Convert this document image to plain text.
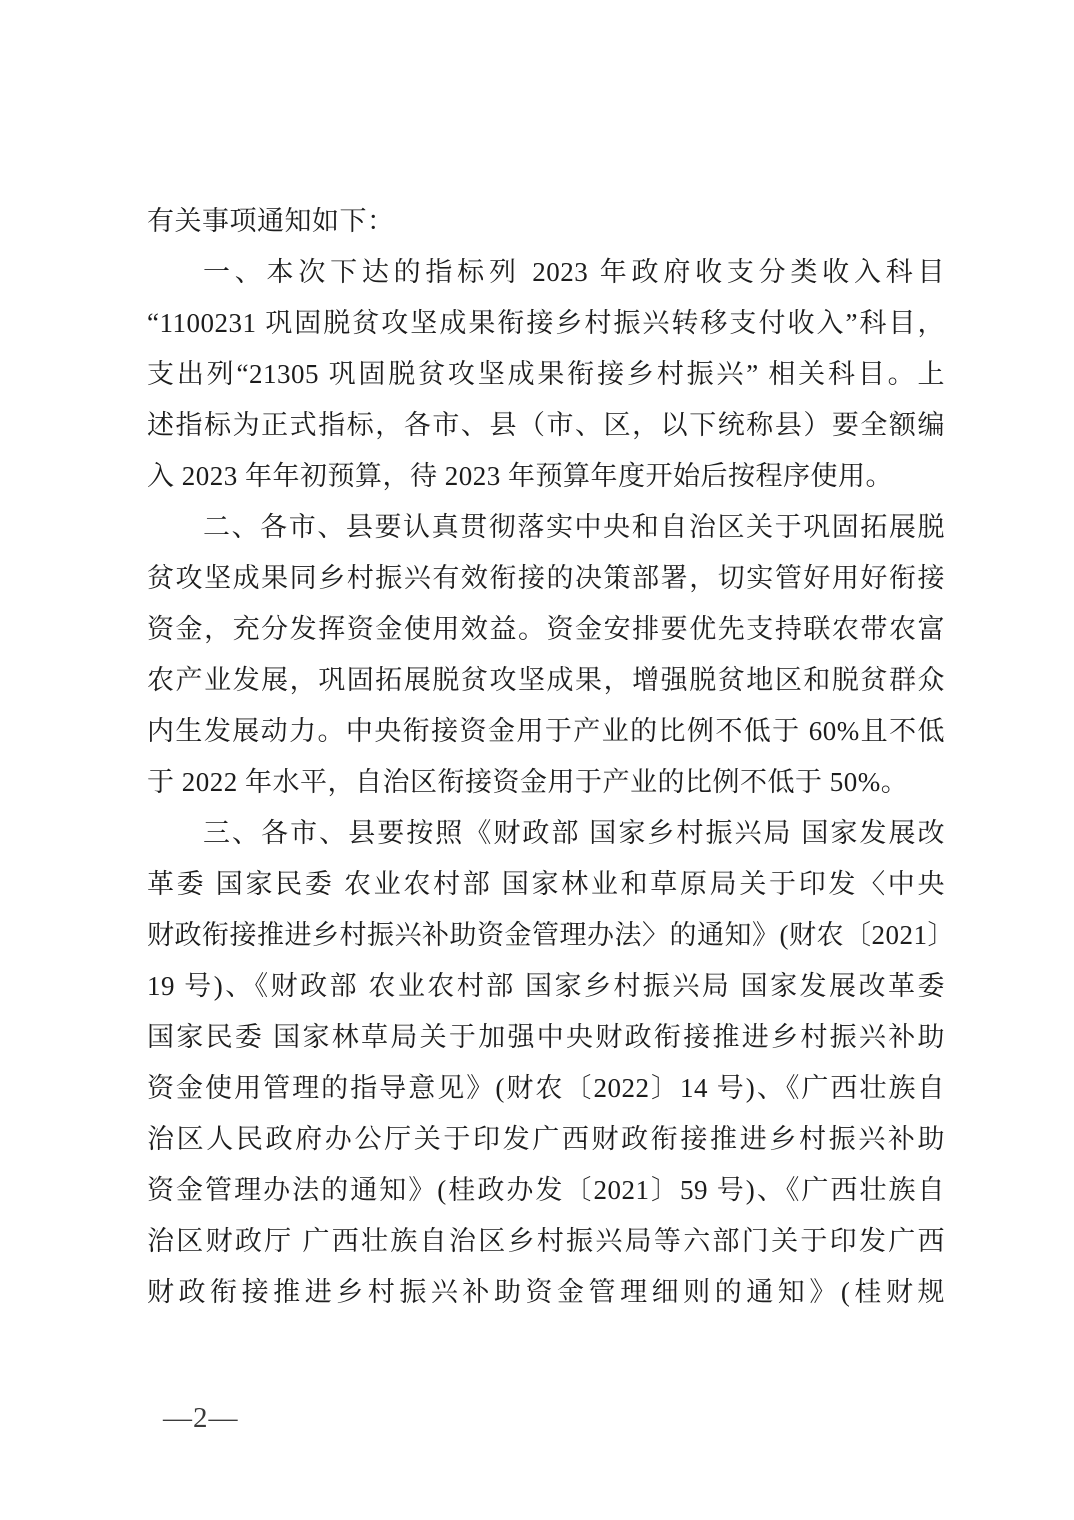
有关事项通知如下：
一、本次下达的指标列 2023 年政府收支分类收入科目
“1100231 巩固脱贫攻坚成果衔接乡村振兴转移支付收入”科目，
支出列“21305 巩固脱贫攻坚成果衔接乡村振兴” 相关科目。上
述指标为正式指标，各市、县（市、区，以下统称县）要全额编
入 2023 年年初预算，待 2023 年预算年度开始后按程序使用。
二、各市、县要认真贯彻落实中央和自治区关于巩固拓展脱
贫攻坚成果同乡村振兴有效衔接的决策部署，切实管好用好衔接
资金，充分发挥资金使用效益。资金安排要优先支持联农带农富
农产业发展，巩固拓展脱贫攻坚成果，增强脱贫地区和脱贫群众
内生发展动力。中央衔接资金用于产业的比例不低于 60%且不低
于 2022 年水平，自治区衔接资金用于产业的比例不低于 50%。
三、各市、县要按照《财政部 国家乡村振兴局 国家发展改
革委 国家民委 农业农村部 国家林业和草原局关于印发〈中央
财政衔接推进乡村振兴补助资金管理办法〉的通知》(财农〔2021〕
19 号)、《财政部 农业农村部 国家乡村振兴局 国家发展改革委
国家民委 国家林草局关于加强中央财政衔接推进乡村振兴补助
资金使用管理的指导意见》(财农〔2022〕14 号)、《广西壮族自
治区人民政府办公厅关于印发广西财政衔接推进乡村振兴补助
资金管理办法的通知》(桂政办发〔2021〕59 号)、《广西壮族自
治区财政厅 广西壮族自治区乡村振兴局等六部门关于印发广西
财政衔接推进乡村振兴补助资金管理细则的通知》(桂财规
—2—
